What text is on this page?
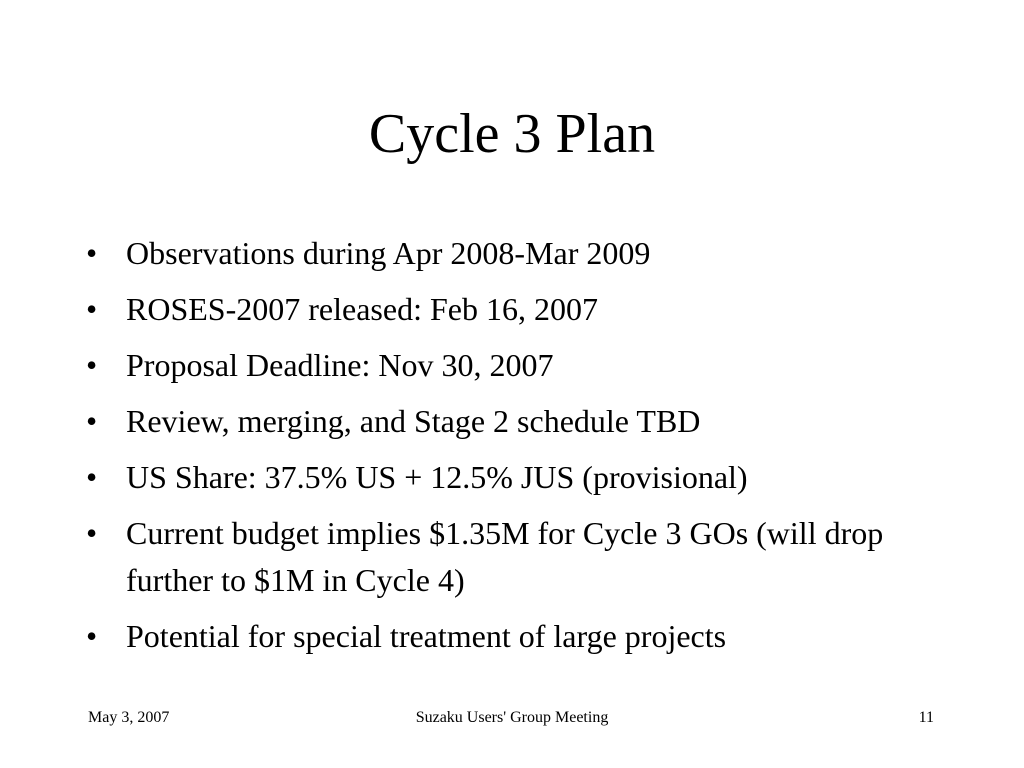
Cycle 3 Plan
• Observations during Apr 2008-Mar 2009
• ROSES-2007 released: Feb 16, 2007
• Proposal Deadline: Nov 30, 2007
• Review, merging, and Stage 2 schedule TBD
• US Share: 37.5% US + 12.5% JUS (provisional)
• Current budget implies $1.35M for Cycle 3 GOs (will drop further to $1M in Cycle 4)
• Potential for special treatment of large projects
Suzaku Users' Group Meeting
May 3, 2007	11
